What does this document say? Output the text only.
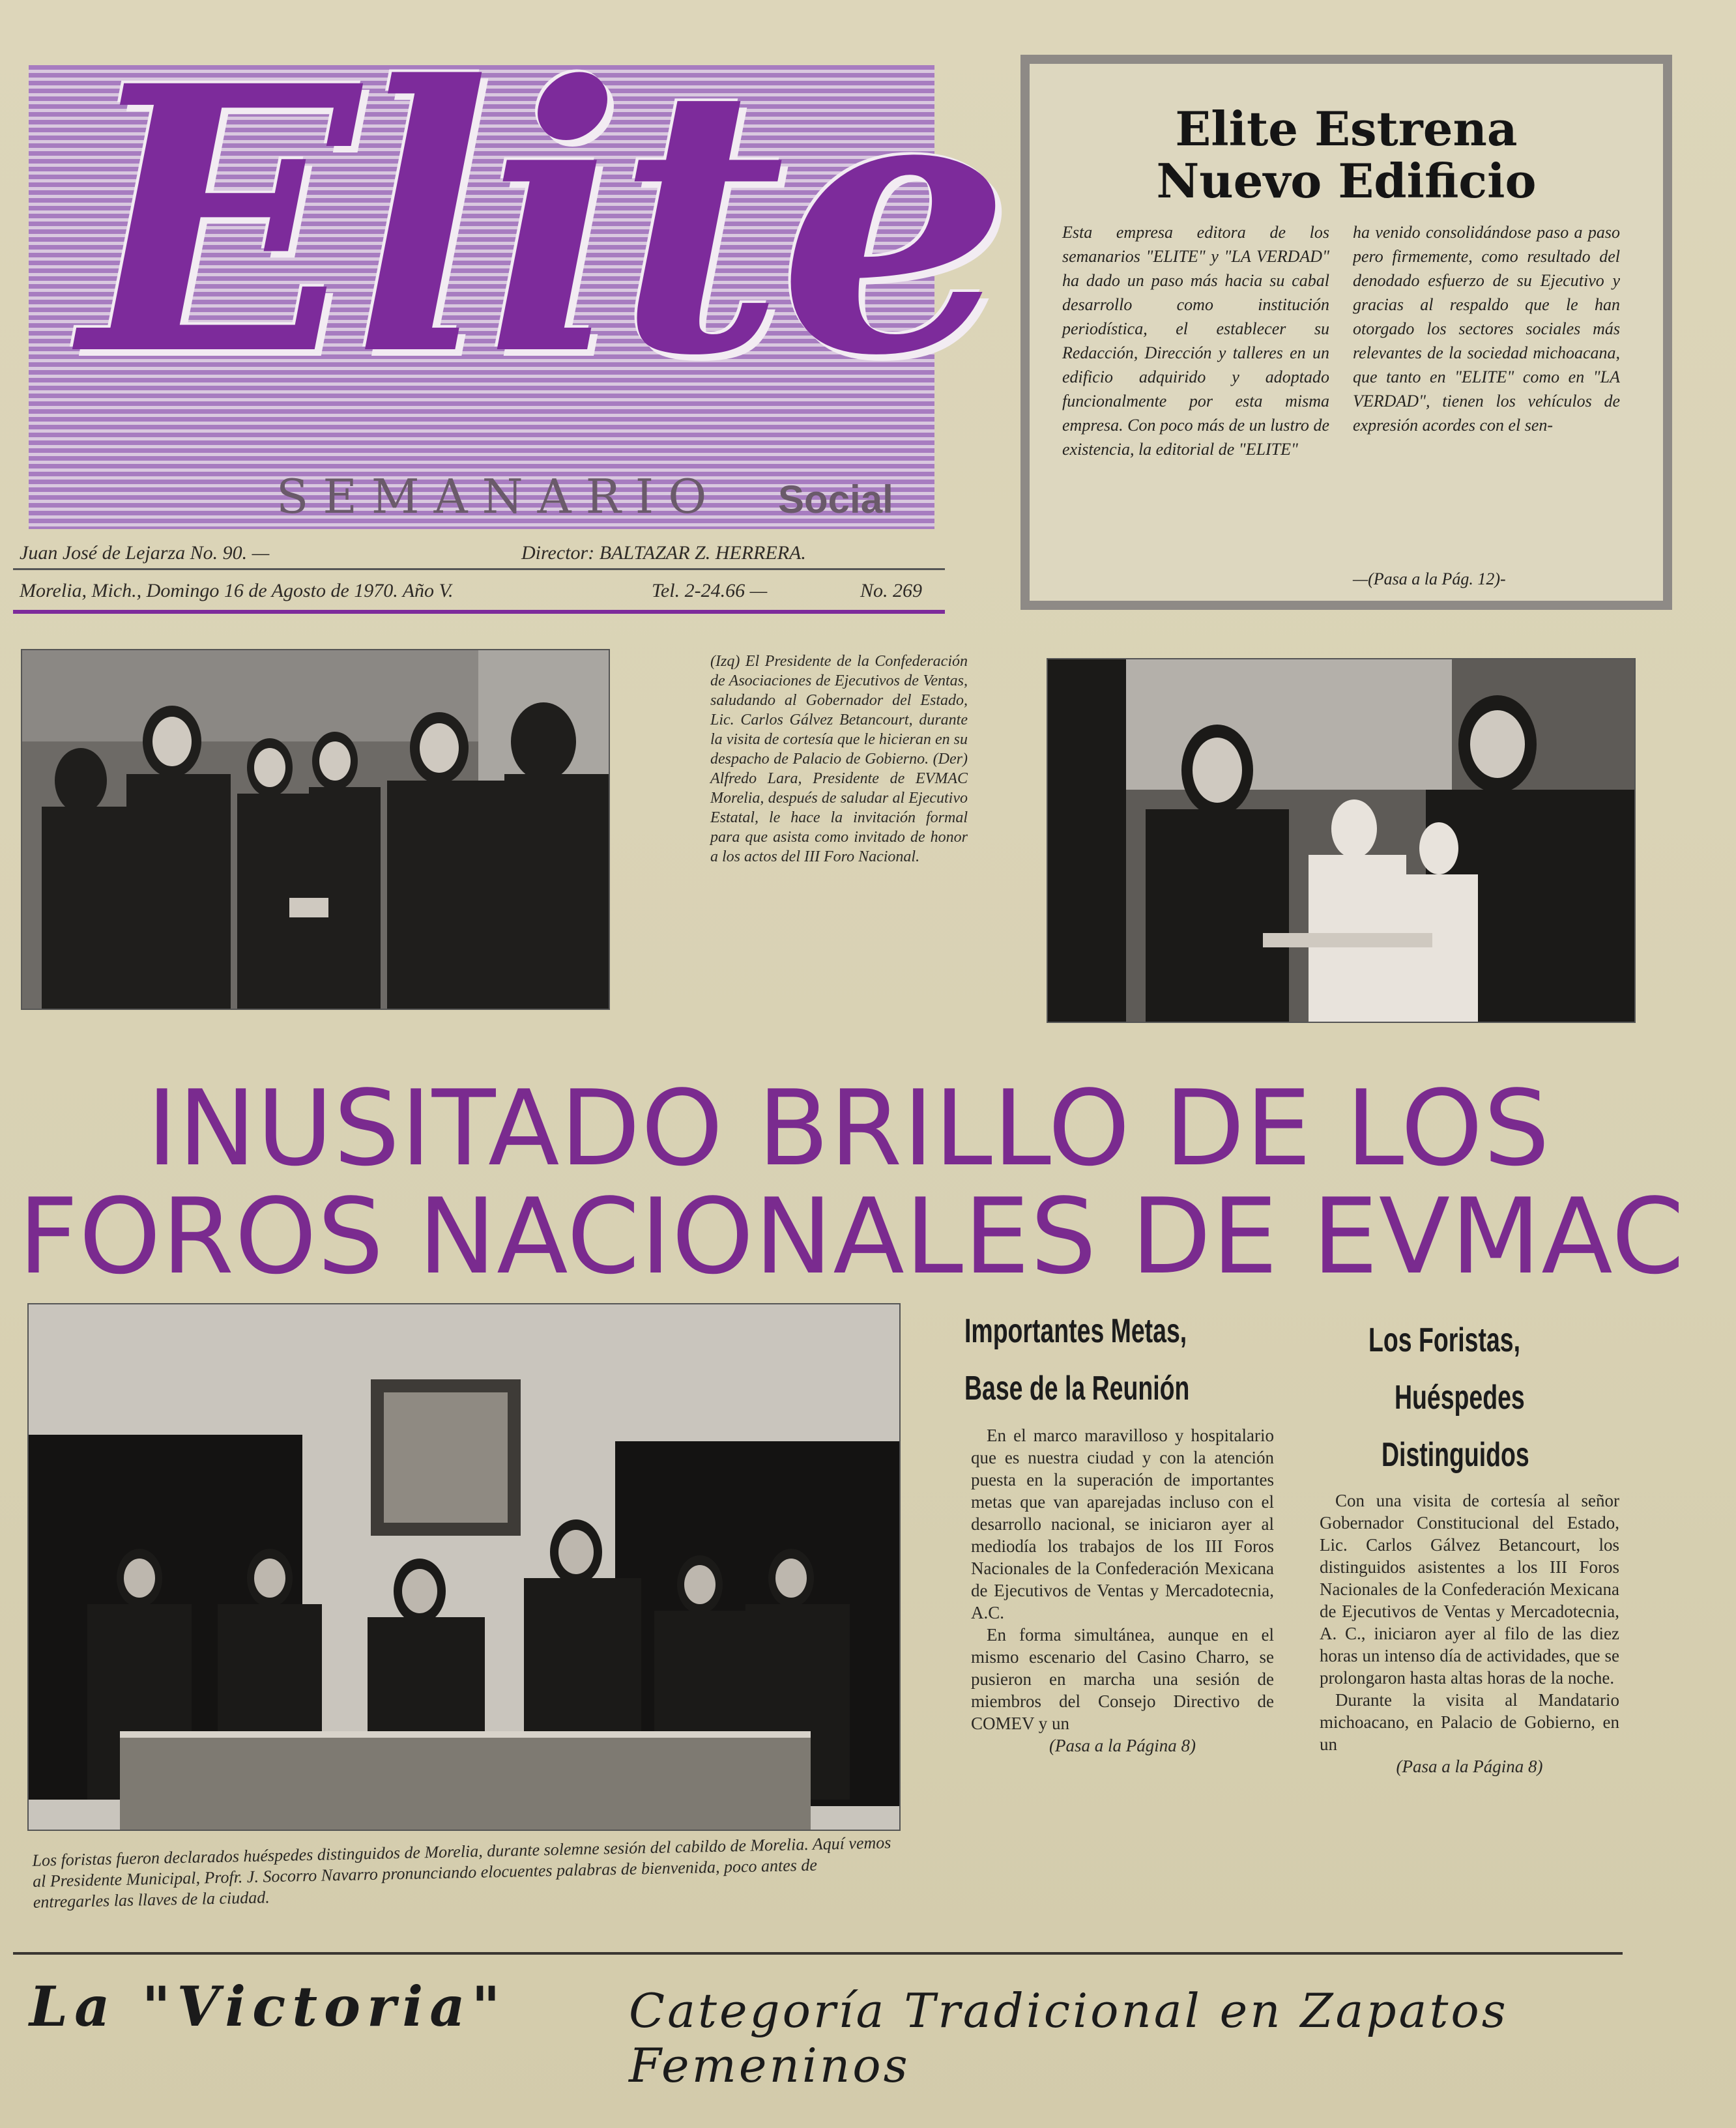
Elite
SEMANARIO Social
Juan José de Lejarza No. 90. —	Director: BALTAZAR Z. HERRERA.
Morelia, Mich., Domingo 16 de Agosto de 1970. Año V.	Tel. 2-24.66 —	No. 269
Elite Estrena
Nuevo Edificio
Esta empresa editora de los semanarios "ELITE" y "LA VERDAD" ha dado un paso más hacia su cabal desarrollo como institución periodística, el establecer su Redacción, Dirección y talleres en un edificio adquirido y adoptado funcionalmente por esta misma empresa. Con poco más de un lustro de existencia, la editorial de "ELITE"
ha venido consolidándose paso a paso pero firmemente, como resultado del denodado esfuerzo de su Ejecutivo y gracias al respaldo que le han otorgado los sectores sociales más relevantes de la sociedad michoacana, que tanto en "ELITE" como en "LA VERDAD", tienen los vehículos de expresión acordes con el sen-
—(Pasa a la Pág. 12)-
(Izq) El Presidente de la Confederación de Asociaciones de Ejecutivos de Ventas, saludando al Gobernador del Estado, Lic. Carlos Gálvez Betancourt, durante la visita de cortesía que le hicieran en su despacho de Palacio de Gobierno. (Der) Alfredo Lara, Presidente de EVMAC Morelia, después de saludar al Ejecutivo Estatal, le hace la invitación formal para que asista como invitado de honor a los actos del III Foro Nacional.
INUSITADO BRILLO DE LOS
FOROS NACIONALES DE EVMAC
Los foristas fueron declarados huéspedes distinguidos de Morelia, durante solemne sesión del cabildo de Morelia. Aquí vemos al Presidente Municipal, Profr. J. Socorro Navarro pronunciando elocuentes palabras de bienvenida, poco antes de entregarles las llaves de la ciudad.
Importantes Metas,
Base de la Reunión
En el marco maravilloso y hospitalario que es nuestra ciudad y con la atención puesta en la superación de importantes metas que van aparejadas incluso con el desarrollo nacional, se iniciaron ayer al mediodía los trabajos de los III Foros Nacionales de la Confederación Mexicana de Ejecutivos de Ventas y Mercadotecnia, A.C.
En forma simultánea, aunque en el mismo escenario del Casino Charro, se pusieron en marcha una sesión de miembros del Consejo Directivo de COMEV y un
(Pasa a la Página 8)
Los Foristas,
Huéspedes
Distinguidos
Con una visita de cortesía al señor Gobernador Constitucional del Estado, Lic. Carlos Gálvez Betancourt, los distinguidos asistentes a los III Foros Nacionales de la Confederación Mexicana de Ejecutivos de Ventas y Mercadotecnia, A. C., iniciaron ayer al filo de las diez horas un intenso día de actividades, que se prolongaron hasta altas horas de la noche.
Durante la visita al Mandatario michoacano, en Palacio de Gobierno, en un
(Pasa a la Página 8)
La "Victoria"	Categoría Tradicional en Zapatos Femeninos
